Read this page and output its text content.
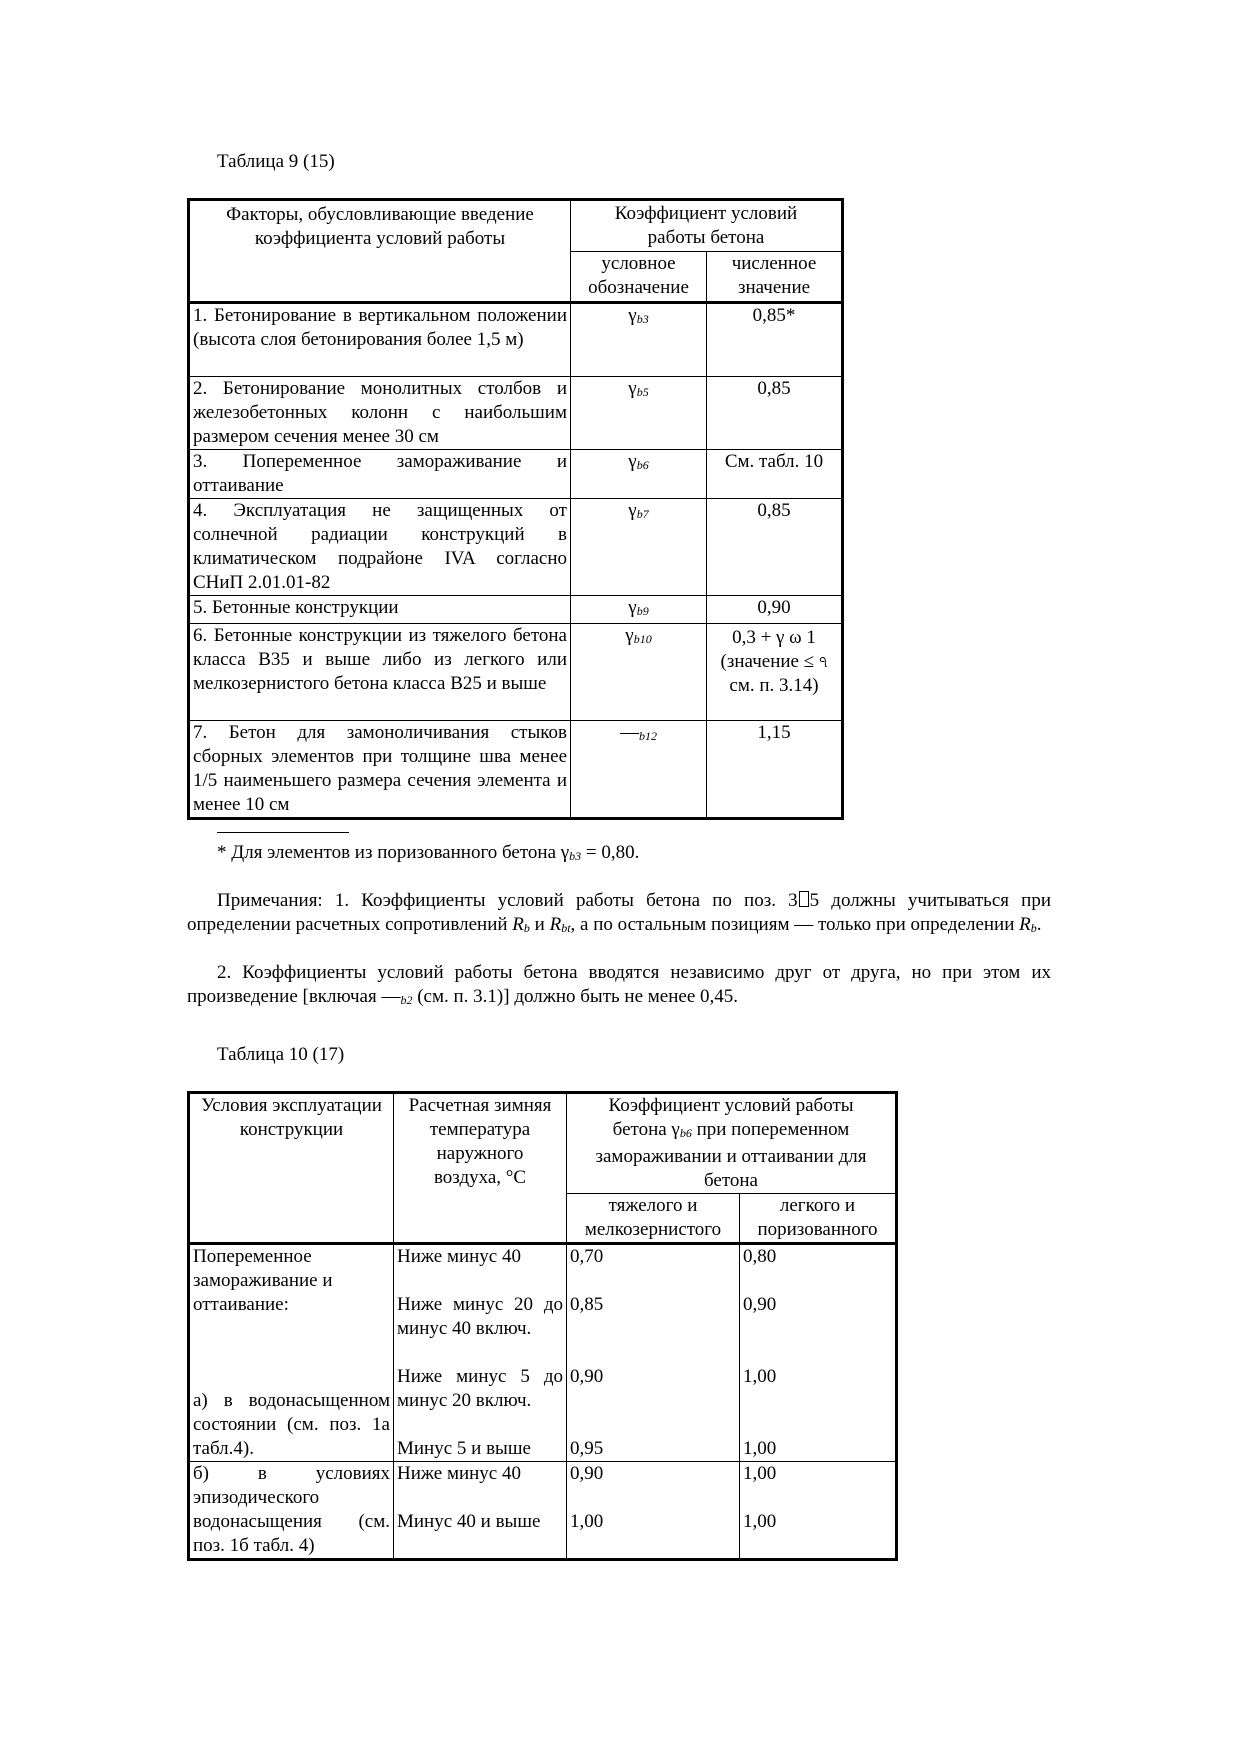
Таблица 9 (15)
Факторы, обусловливающие введение коэффициента условий работы	Коэффициент условий работы бетона	
	условное обозначение	численное значение
1. Бетонирование в вертикальном положении (высота слоя бетонирования более 1,5 м)	γb3	0,85*
2. Бетонирование монолитных столбов и железобетонных колонн с наибольшим размером сечения менее 30 см	γb5	0,85
3. Попеременное замораживание и оттаивание	γb6	См. табл. 10
4. Эксплуатация не защищенных от солнечной радиации конструкций в климатическом подрайоне IVA согласно СНиП 2.01.01-82	γb7	0,85
5. Бетонные конструкции	γb9	0,90
6. Бетонные конструкции из тяжелого бетона класса В35 и выше либо из легкого или мелкозернистого бетона класса В25 и выше	γb10	0,3 + γ ω 1 (значение ≤ ঀ см. п. 3.14)
7. Бетон для замоноличивания стыков сборных элементов при толщине шва менее 1/5 наименьшего размера сечения элемента и менее 10 см	—b12	1,15
* Для элементов из поризованного бетона γb3 = 0,80.
Примечания: 1. Коэффициенты условий работы бетона по поз. 3 5 должны учитываться при определении расчетных сопротивлений Rb и Rbt, а по остальным позициям — только при определении Rb.
2. Коэффициенты условий работы бетона вводятся независимо друг от друга, но при этом их произведение [включая —b2 (см. п. 3.1)] должно быть не менее 0,45.
Таблица 10 (17)
Условия эксплуатации конструкции	Расчетная зимняя температура наружного воздуха, °С	Коэффициент условий работы бетона γb6 при попеременном замораживании и оттаивании для бетона	
		тяжелого и мелкозернистого	легкого и поризованного

Попеременное замораживание и оттаивание:
а) в водонасыщенном состоянии (см. поз. 1а табл.4).	Ниже минус 40	0,70	0,80
	Ниже минус 20 до минус 40 включ.	0,85	0,90
	Ниже минус 5 до минус 20 включ.	0,90	1,00
	Минус 5 и выше	0,95	1,00
б) в условиях эпизодического водонасыщения (см. поз. 1б табл. 4)	Ниже минус 40	0,90	1,00
	Минус 40 и выше	1,00	1,00
